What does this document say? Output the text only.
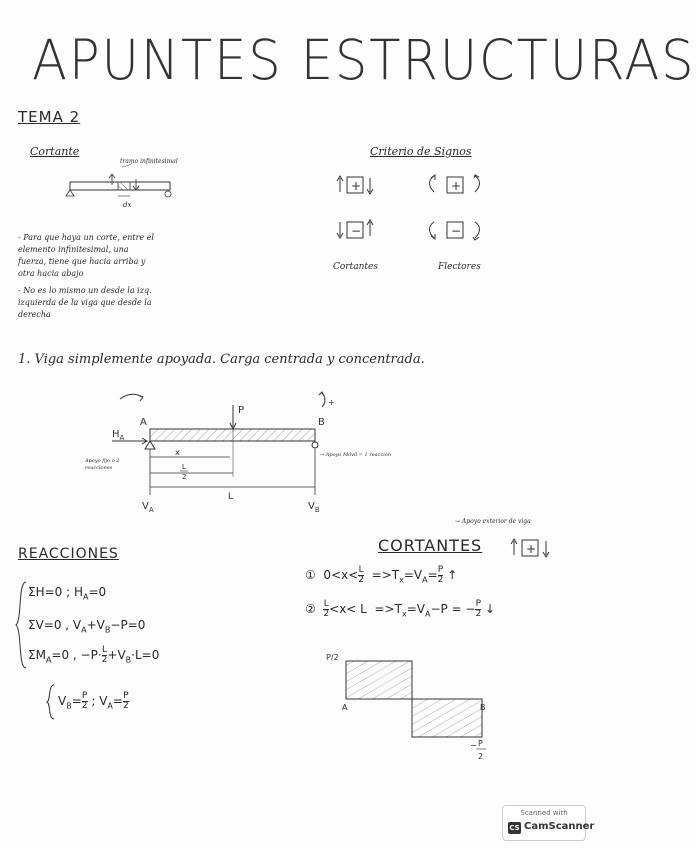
APUNTES ESTRUCTURAS
TEMA 2
Cortante
tramo infinitesimal
dx
- Para que haya un corte, entre el elemento infinitesimal, una fuerza, tiene que hacia arriba y otra hacia abajo
- No es lo mismo un desde la izq. izquierda de la viga que desde la derecha
Criterio de Signos
+	+
−	−
Cortantes	Flectores
1. Viga simplemente apoyada. Carga centrada y concentrada.
+
A	B
P
$H_A$
x
L
2
L
$V_A$	$V_B$
Apoyo fijo ó 2 reacciones
→ Apoyo Móvil = 1 reacción
→ Apoyo exterior de viga
REACCIONES
ΣH=0 ; $H_A=0$
ΣV=0 , $V_A+V_B-P=0$
$\Sigma M_A=0$ , $-P\cdot \frac{L}{2} +V_B\cdot L=0$
$V_B= \frac{P}{2}$ ; $V_A= \frac{P}{2}$
CORTANTES	+
① $0<x< \frac{L}{2} =>T_x=V_A= \frac{P}{2}$ ↑
② $\frac{L}{2} <x< L =>T_x=V_A-P$ = − $\frac{P}{2}$ ↓
P/2
A	B
− P
2
Scanned with
CS CamScanner
